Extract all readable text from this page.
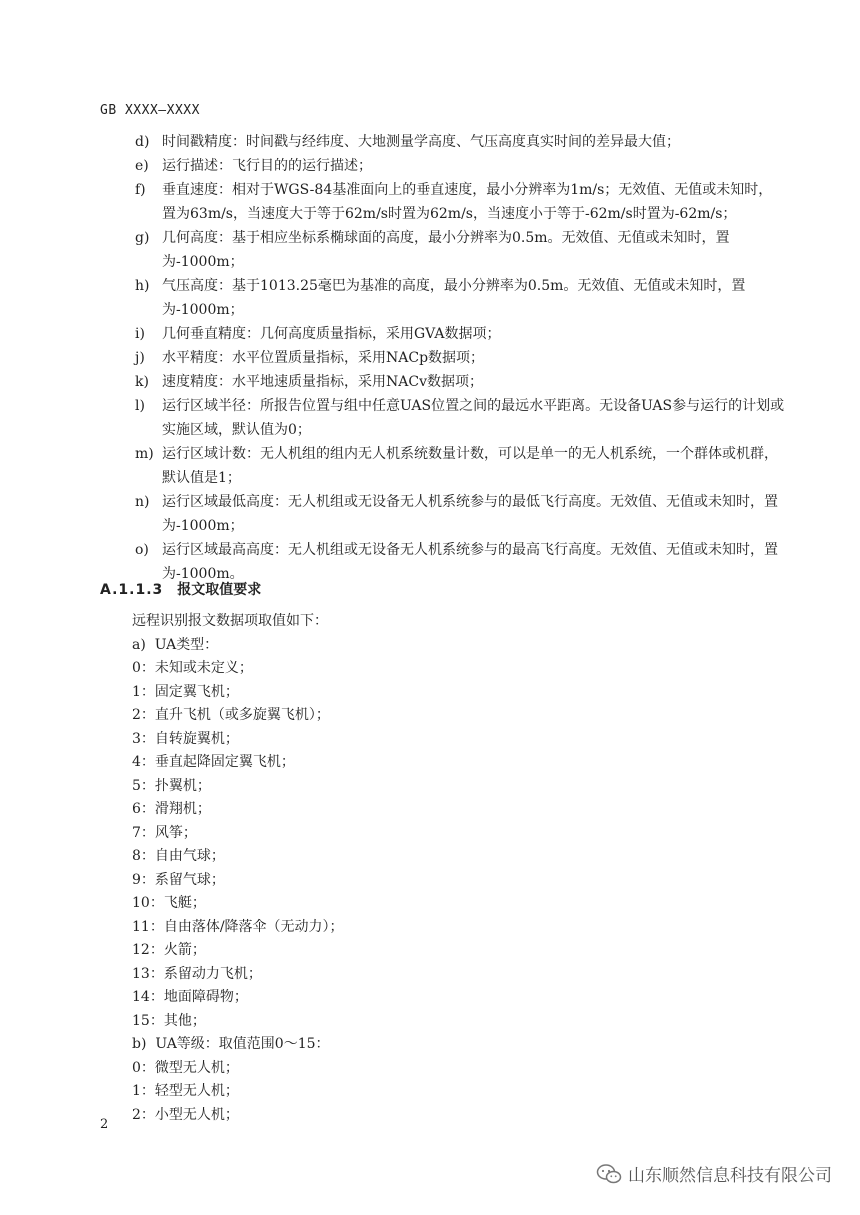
GB XXXX—XXXX
d) 时间戳精度：时间戳与经纬度、大地测量学高度、气压高度真实时间的差异最大值；
e) 运行描述：飞行目的的运行描述；
f)	垂直速度：相对于WGS-84基准面向上的垂直速度，最小分辨率为1m/s；无效值、无值或未知时，置为63m/s，当速度大于等于62m/s时置为62m/s，当速度小于等于-62m/s时置为-62m/s；
g) 几何高度：基于相应坐标系椭球面的高度，最小分辨率为0.5m。无效值、无值或未知时，置为-1000m；
h) 气压高度：基于1013.25毫巴为基准的高度，最小分辨率为0.5m。无效值、无值或未知时，置为-1000m；
i)	几何垂直精度：几何高度质量指标，采用GVA数据项；
j)	水平精度：水平位置质量指标，采用NACp数据项；
k) 速度精度：水平地速质量指标，采用NACv数据项；
l)	运行区域半径：所报告位置与组中任意UAS位置之间的最远水平距离。无设备UAS参与运行的计划或实施区域，默认值为0；
m) 运行区域计数：无人机组的组内无人机系统数量计数，可以是单一的无人机系统，一个群体或机群，默认值是1；
n) 运行区域最低高度：无人机组或无设备无人机系统参与的最低飞行高度。无效值、无值或未知时，置为-1000m；
o) 运行区域最高高度：无人机组或无设备无人机系统参与的最高飞行高度。无效值、无值或未知时，置为-1000m。
A.1.1.3 报文取值要求
远程识别报文数据项取值如下：
a)  UA类型：
0：未知或未定义；
1：固定翼飞机；
2：直升飞机（或多旋翼飞机）；
3：自转旋翼机；
4：垂直起降固定翼飞机；
5：扑翼机；
6：滑翔机；
7：风筝；
8：自由气球；
9：系留气球；
10：飞艇；
11：自由落体/降落伞（无动力）；
12：火箭；
13：系留动力飞机；
14：地面障碍物；
15：其他；
b)  UA等级：取值范围0～15：
0：微型无人机；
1：轻型无人机；
2：小型无人机；
2
山东顺然信息科技有限公司
